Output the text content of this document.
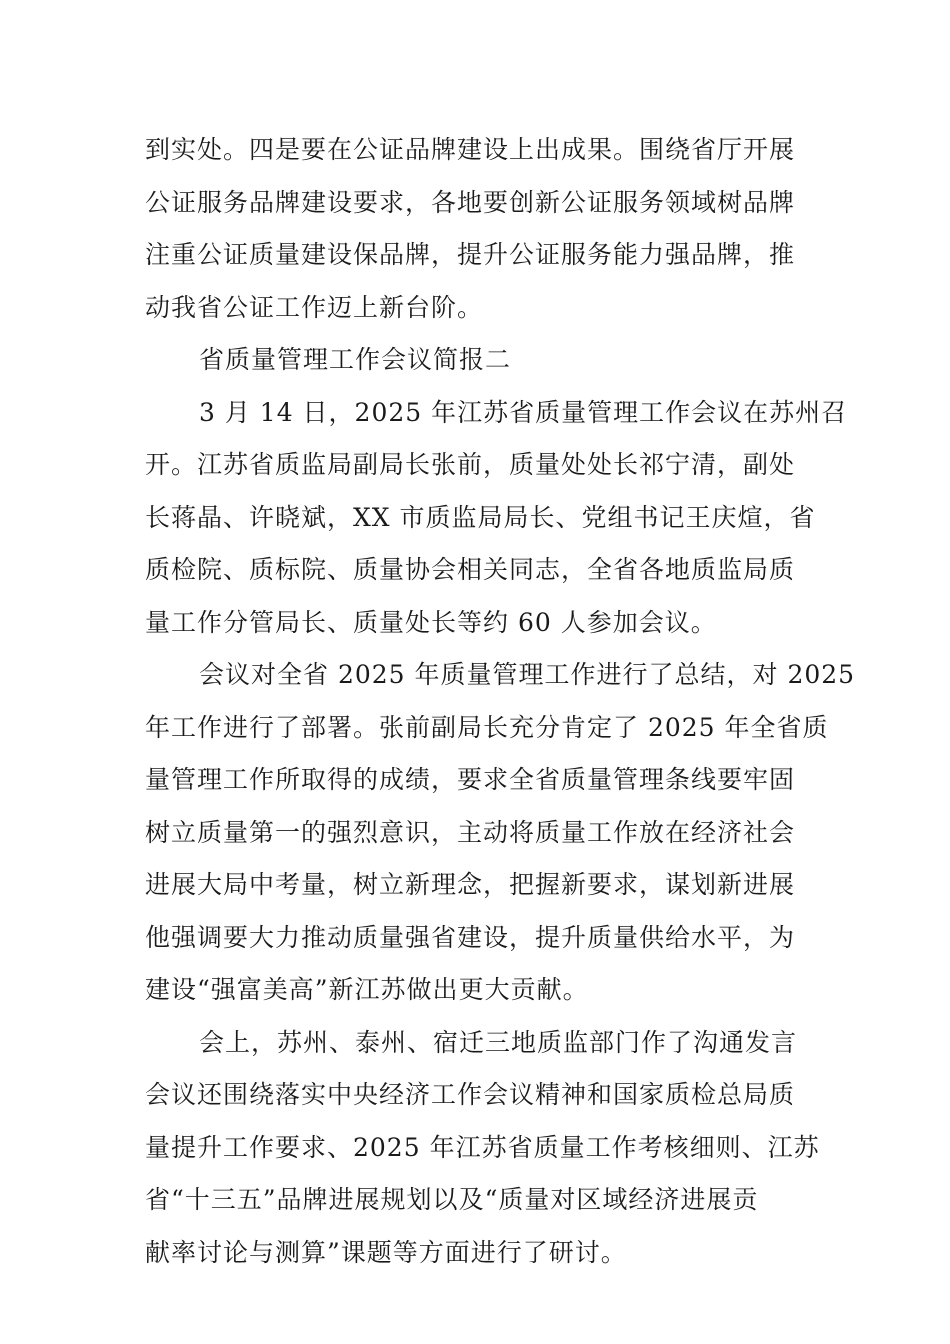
到实处。四是要在公证品牌建设上出成果。围绕省厅开展
公证服务品牌建设要求，各地要创新公证服务领域树品牌
注重公证质量建设保品牌，提升公证服务能力强品牌，推
动我省公证工作迈上新台阶。
省质量管理工作会议简报二
3 月 14 日，2025 年江苏省质量管理工作会议在苏州召
开。江苏省质监局副局长张前，质量处处长祁宁清，副处
长蒋晶、许晓斌，XX 市质监局局长、党组书记王庆煊，省
质检院、质标院、质量协会相关同志，全省各地质监局质
量工作分管局长、质量处长等约 60 人参加会议。
会议对全省 2025 年质量管理工作进行了总结，对 2025
年工作进行了部署。张前副局长充分肯定了 2025 年全省质
量管理工作所取得的成绩，要求全省质量管理条线要牢固
树立质量第一的强烈意识，主动将质量工作放在经济社会
进展大局中考量，树立新理念，把握新要求，谋划新进展
他强调要大力推动质量强省建设，提升质量供给水平，为
建设“强富美高”新江苏做出更大贡献。
会上，苏州、泰州、宿迁三地质监部门作了沟通发言
会议还围绕落实中央经济工作会议精神和国家质检总局质
量提升工作要求、2025 年江苏省质量工作考核细则、江苏
省“十三五”品牌进展规划以及“质量对区域经济进展贡
献率讨论与测算”课题等方面进行了研讨。
